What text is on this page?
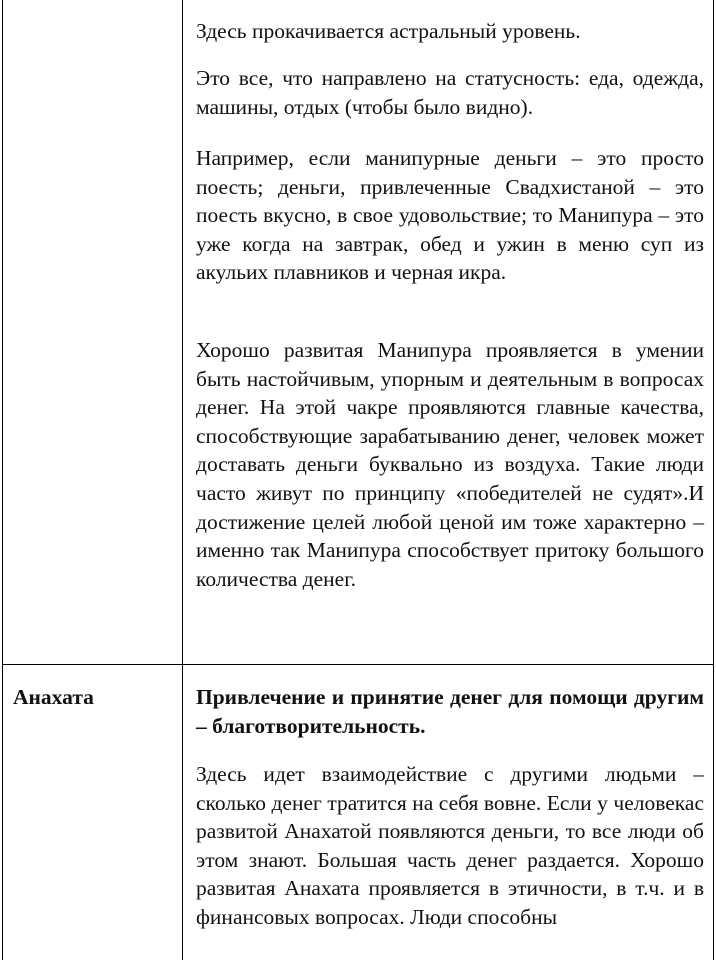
Здесь прокачивается астральный уровень.

Это все, что направлено на статусность: еда, одежда, машины, отдых (чтобы было видно).

Например, если манипурные деньги – это просто поесть; деньги, привлеченные Свадхистаной – это поесть вкусно, в свое удовольствие; то Манипура – это уже когда на завтрак, обед и ужин в меню суп из акульих плавников и черная икра.

Хорошо развитая Манипура проявляется в умении быть настойчивым, упорным и деятельным в вопросах денег. На этой чакре проявляются главные качества, способствующие зарабатыванию денег, человек может доставать деньги буквально из воздуха. Такие люди часто живут по принципу «победителей не судят».И достижение целей любой ценой им тоже характерно – именно так Манипура способствует притоку большого количества денег.

Анахата	Привлечение и принятие денег для помощи другим – благотворительность.

Здесь идет взаимодействие с другими людьми – сколько денег тратится на себя вовне. Если у человекас развитой Анахатой появляются деньги, то все люди об этом знают. Большая часть денег раздается. Хорошо развитая Анахата проявляется в этичности, в т.ч. и в финансовых вопросах. Люди способны
